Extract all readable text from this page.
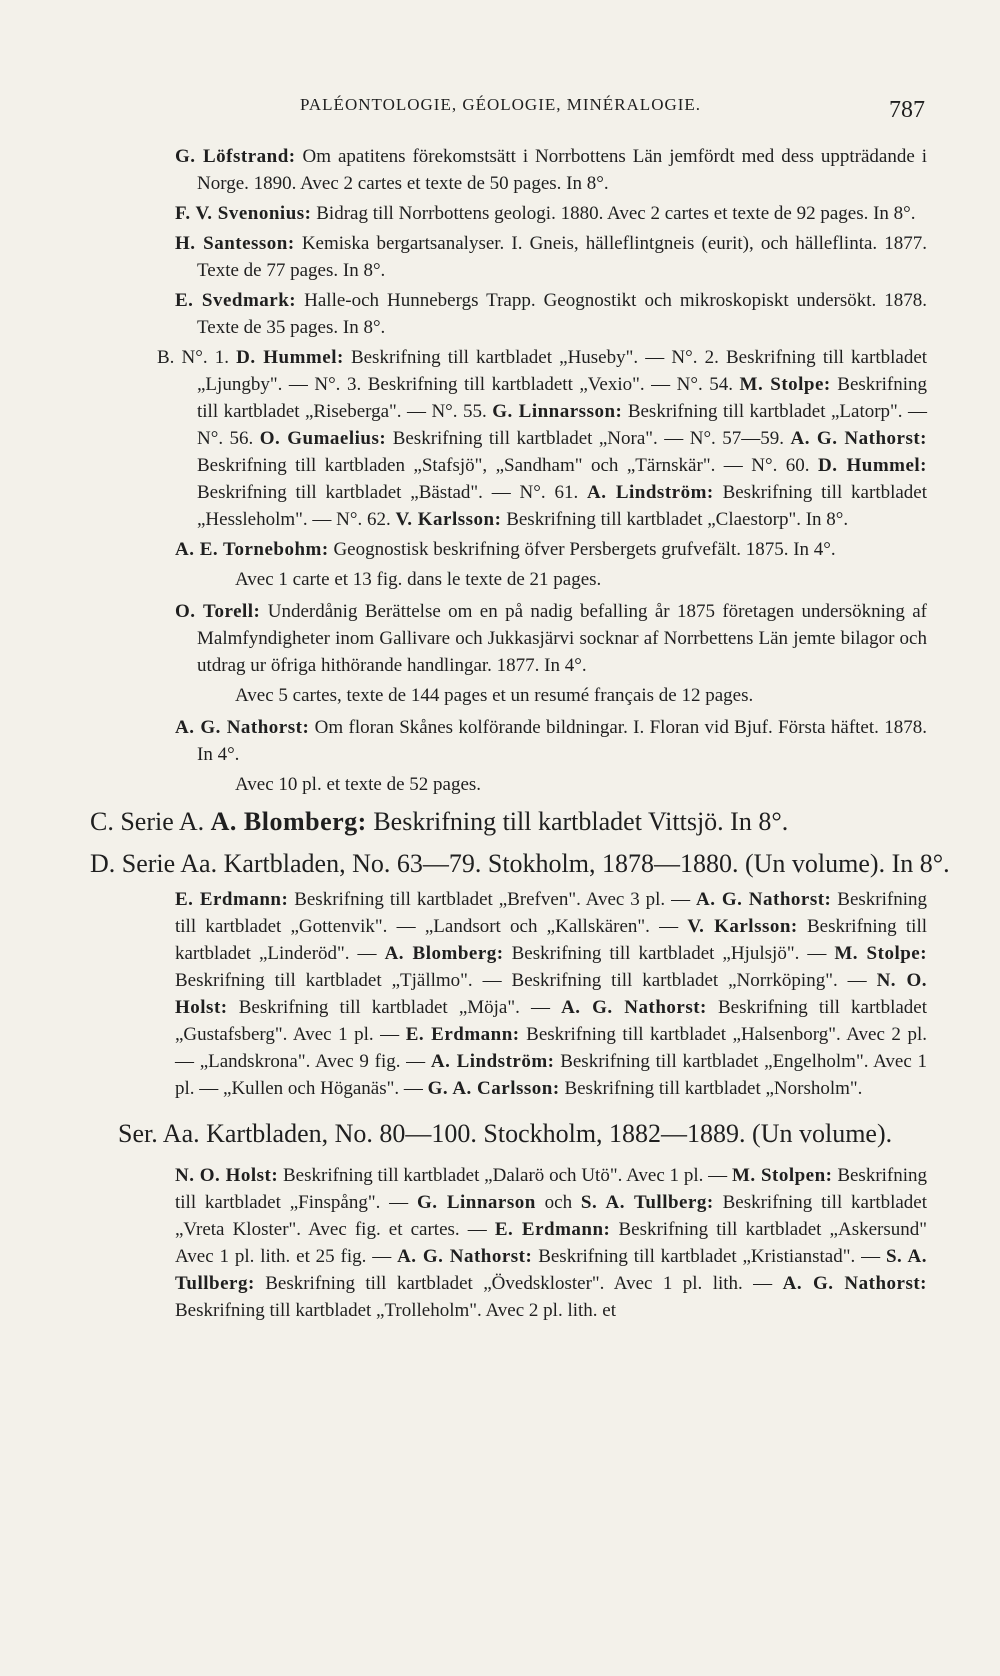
PALÉONTOLOGIE, GÉOLOGIE, MINÉRALOGIE.	787
G. Löfstrand: Om apatitens förekomstsätt i Norrbottens Län jemfördt med dess uppträdande i Norge. 1890. Avec 2 cartes et texte de 50 pages. In 8°.
F. V. Svenonius: Bidrag till Norrbottens geologi. 1880. Avec 2 cartes et texte de 92 pages. In 8°.
H. Santesson: Kemiska bergartsanalyser. I. Gneis, hälleflintgneis (eurit), och hälleflinta. 1877. Texte de 77 pages. In 8°.
E. Svedmark: Halle-och Hunnebergs Trapp. Geognostikt och mikroskopiskt undersökt. 1878. Texte de 35 pages. In 8°.
B. N°. 1. D. Hummel: Beskrifning till kartbladet „Huseby". — N°. 2. Beskrifning till kartbladet „Ljungby". — N°. 3. Beskrifning till kartbladett „Vexio". — N°. 54. M. Stolpe: Beskrifning till kartbladet „Riseberga". — N°. 55. G. Linnarsson: Beskrifning till kartbladet „Latorp". — N°. 56. O. Gumaelius: Beskrifning till kartbladet „Nora". — N°. 57—59. A. G. Nathorst: Beskrifning till kartbladen „Stafsjö", „Sandham" och „Tärnskär". — N°. 60. D. Hummel: Beskrifning till kartbladet „Bästad". — N°. 61. A. Lindström: Beskrifning till kartbladet „Hessleholm". — N°. 62. V. Karlsson: Beskrifning till kartbladet „Claestorp". In 8°.
A. E. Tornebohm: Geognostisk beskrifning öfver Persbergets grufvefält. 1875. In 4°.
Avec 1 carte et 13 fig. dans le texte de 21 pages.
O. Torell: Underdånig Berättelse om en på nadig befalling år 1875 företagen undersökning af Malmfyndigheter inom Gallivare och Jukkasjärvi socknar af Norrbettens Län jemte bilagor och utdrag ur öfriga hithörande handlingar. 1877. In 4°.
Avec 5 cartes, texte de 144 pages et un resumé français de 12 pages.
A. G. Nathorst: Om floran Skånes kolförande bildningar. I. Floran vid Bjuf. Första häftet. 1878. In 4°.
Avec 10 pl. et texte de 52 pages.
C. Serie A. A. Blomberg: Beskrifning till kartbladet Vittsjö. In 8°.
D. Serie Aa. Kartbladen, No. 63—79. Stokholm, 1878—1880. (Un volume). In 8°.
E. Erdmann: Beskrifning till kartbladet „Brefven". Avec 3 pl. — A. G. Nathorst: Beskrifning till kartbladet „Gottenvik". — „Landsort och „Kallskären". — V. Karlsson: Beskrifning till kartbladet „Linderöd". — A. Blomberg: Beskrifning till kartbladet „Hjulsjö". — M. Stolpe: Beskrifning till kartbladet „Tjällmo". — Beskrifning till kartbladet „Norrköping". — N. O. Holst: Beskrifning till kartbladet „Möja". — A. G. Nathorst: Beskrifning till kartbladet „Gustafsberg". Avec 1 pl. — E. Erdmann: Beskrifning till kartbladet „Halsenborg". Avec 2 pl. — „Landskrona". Avec 9 fig. — A. Lindström: Beskrifning till kartbladet „Engelholm". Avec 1 pl. — „Kullen och Höganäs". — G. A. Carlsson: Beskrifning till kartbladet „Norsholm".
Ser. Aa. Kartbladen, No. 80—100. Stockholm, 1882—1889. (Un volume).
N. O. Holst: Beskrifning till kartbladet „Dalarö och Utö". Avec 1 pl. — M. Stolpen: Beskrifning till kartbladet „Finspång". — G. Linnarson och S. A. Tullberg: Beskrifning till kartbladet „Vreta Kloster". Avec fig. et cartes. — E. Erdmann: Beskrifning till kartbladet „Askersund" Avec 1 pl. lith. et 25 fig. — A. G. Nathorst: Beskrifning till kartbladet „Kristianstad". — S. A. Tullberg: Beskrifning till kartbladet „Övedskloster". Avec 1 pl. lith. — A. G. Nathorst: Beskrifning till kartbladet „Trolleholm". Avec 2 pl. lith. et
